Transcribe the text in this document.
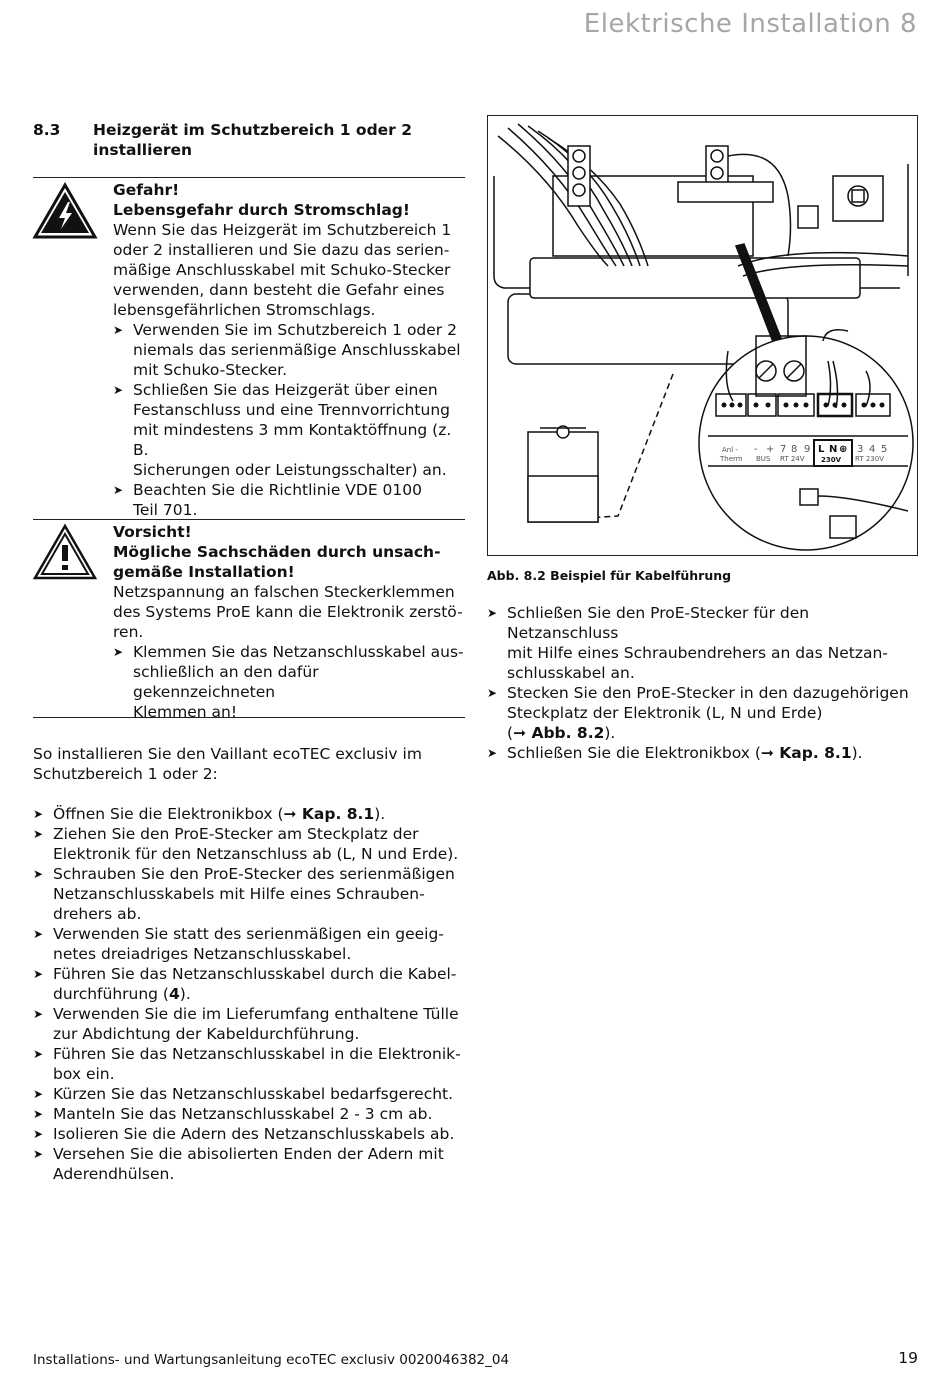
Elektrische Installation 8
8.3 Heizgerät im Schutzbereich 1 oder 2
installieren
Gefahr!
Lebensgefahr durch Stromschlag!
Wenn Sie das Heizgerät im Schutzbereich 1
oder 2 installieren und Sie dazu das serien-
mäßige Anschlusskabel mit Schuko-Stecker
verwenden, dann besteht die Gefahr eines
lebensgefährlichen Stromschlags.
➤ Verwenden Sie im Schutzbereich 1 oder 2
niemals das serienmäßige Anschlusskabel
mit Schuko-Stecker.
➤ Schließen Sie das Heizgerät über einen
Festanschluss und eine Trennvorrichtung
mit mindestens 3 mm Kontaktöffnung (z. B.
Sicherungen oder Leistungsschalter) an.
➤ Beachten Sie die Richtlinie VDE 0100
Teil 701.
Vorsicht!
Mögliche Sachschäden durch unsach-
gemäße Installation!
Netzspannung an falschen Steckerklemmen
des Systems ProE kann die Elektronik zerstö-
ren.
➤ Klemmen Sie das Netzanschlusskabel aus-
schließlich an den dafür gekennzeichneten
Klemmen an!
So installieren Sie den Vaillant ecoTEC exclusiv im
Schutzbereich 1 oder 2:
➤ Öffnen Sie die Elektronikbox (➞ Kap. 8.1).
➤ Ziehen Sie den ProE-Stecker am Steckplatz der
Elektronik für den Netzanschluss ab (L, N und Erde).
➤ Schrauben Sie den ProE-Stecker des serienmäßigen
Netzanschlusskabels mit Hilfe eines Schrauben-
drehers ab.
➤ Verwenden Sie statt des serienmäßigen ein geeig-
netes dreiadriges Netzanschlusskabel.
➤ Führen Sie das Netzanschlusskabel durch die Kabel-
durchführung (4).
➤ Verwenden Sie die im Lieferumfang enthaltene Tülle
zur Abdichtung der Kabeldurchführung.
➤ Führen Sie das Netzanschlusskabel in die Elektronik-
box ein.
➤ Kürzen Sie das Netzanschlusskabel bedarfsgerecht.
➤ Manteln Sie das Netzanschlusskabel 2 - 3 cm ab.
➤ Isolieren Sie die Adern des Netzanschlusskabels ab.
➤ Versehen Sie die abisolierten Enden der Adern mit
Aderendhülsen.
Anl -
Therm BUS RT 24V	RT 230V
- + 7 8 9	3 4 5
L N ⊕
230V
Abb. 8.2 Beispiel für Kabelführung
➤ Schließen Sie den ProE-Stecker für den Netzanschluss
mit Hilfe eines Schraubendrehers an das Netzan-
schlusskabel an.
➤ Stecken Sie den ProE-Stecker in den dazugehörigen
Steckplatz der Elektronik (L, N und Erde)
(➞ Abb. 8.2).
➤ Schließen Sie die Elektronikbox (➞ Kap. 8.1).
Installations- und Wartungsanleitung ecoTEC exclusiv 0020046382_04	19
